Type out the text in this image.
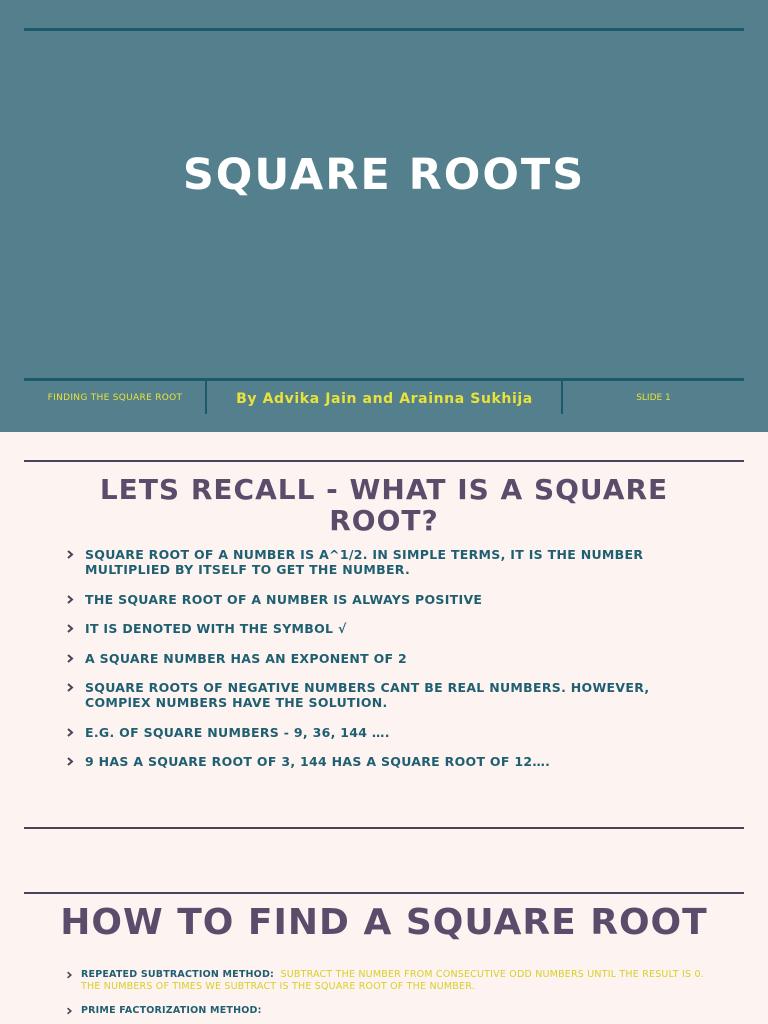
SQUARE ROOTS
FINDING THE SQUARE ROOT	By Advika Jain and Arainna Sukhija	SLIDE 1
LETS RECALL - WHAT IS A SQUARE ROOT?
SQUARE ROOT OF A NUMBER IS A^1/2. IN SIMPLE TERMS, IT IS THE NUMBER MULTIPLIED BY ITSELF TO GET THE NUMBER.
THE SQUARE ROOT OF A NUMBER IS ALWAYS POSITIVE
IT IS DENOTED WITH THE SYMBOL √
A SQUARE NUMBER HAS AN EXPONENT OF 2
SQUARE ROOTS OF NEGATIVE NUMBERS CANT BE REAL NUMBERS. HOWEVER, COMPlEX NUMBERS HAVE THE SOLUTION.
E.G. OF SQUARE NUMBERS - 9, 36, 144 ….
9 HAS A SQUARE ROOT OF 3, 144 HAS A SQUARE ROOT OF 12….
HOW TO FIND A SQUARE ROOT
REPEATED SUBTRACTION METHOD: SUBTRACT THE NUMBER FROM CONSECUTIVE ODD NUMBERS UNTIL THE RESULT IS 0. THE NUMBERS OF TIMES WE SUBTRACT IS THE SQUARE ROOT OF THE NUMBER.
PRIME FACTORIZATION METHOD:
